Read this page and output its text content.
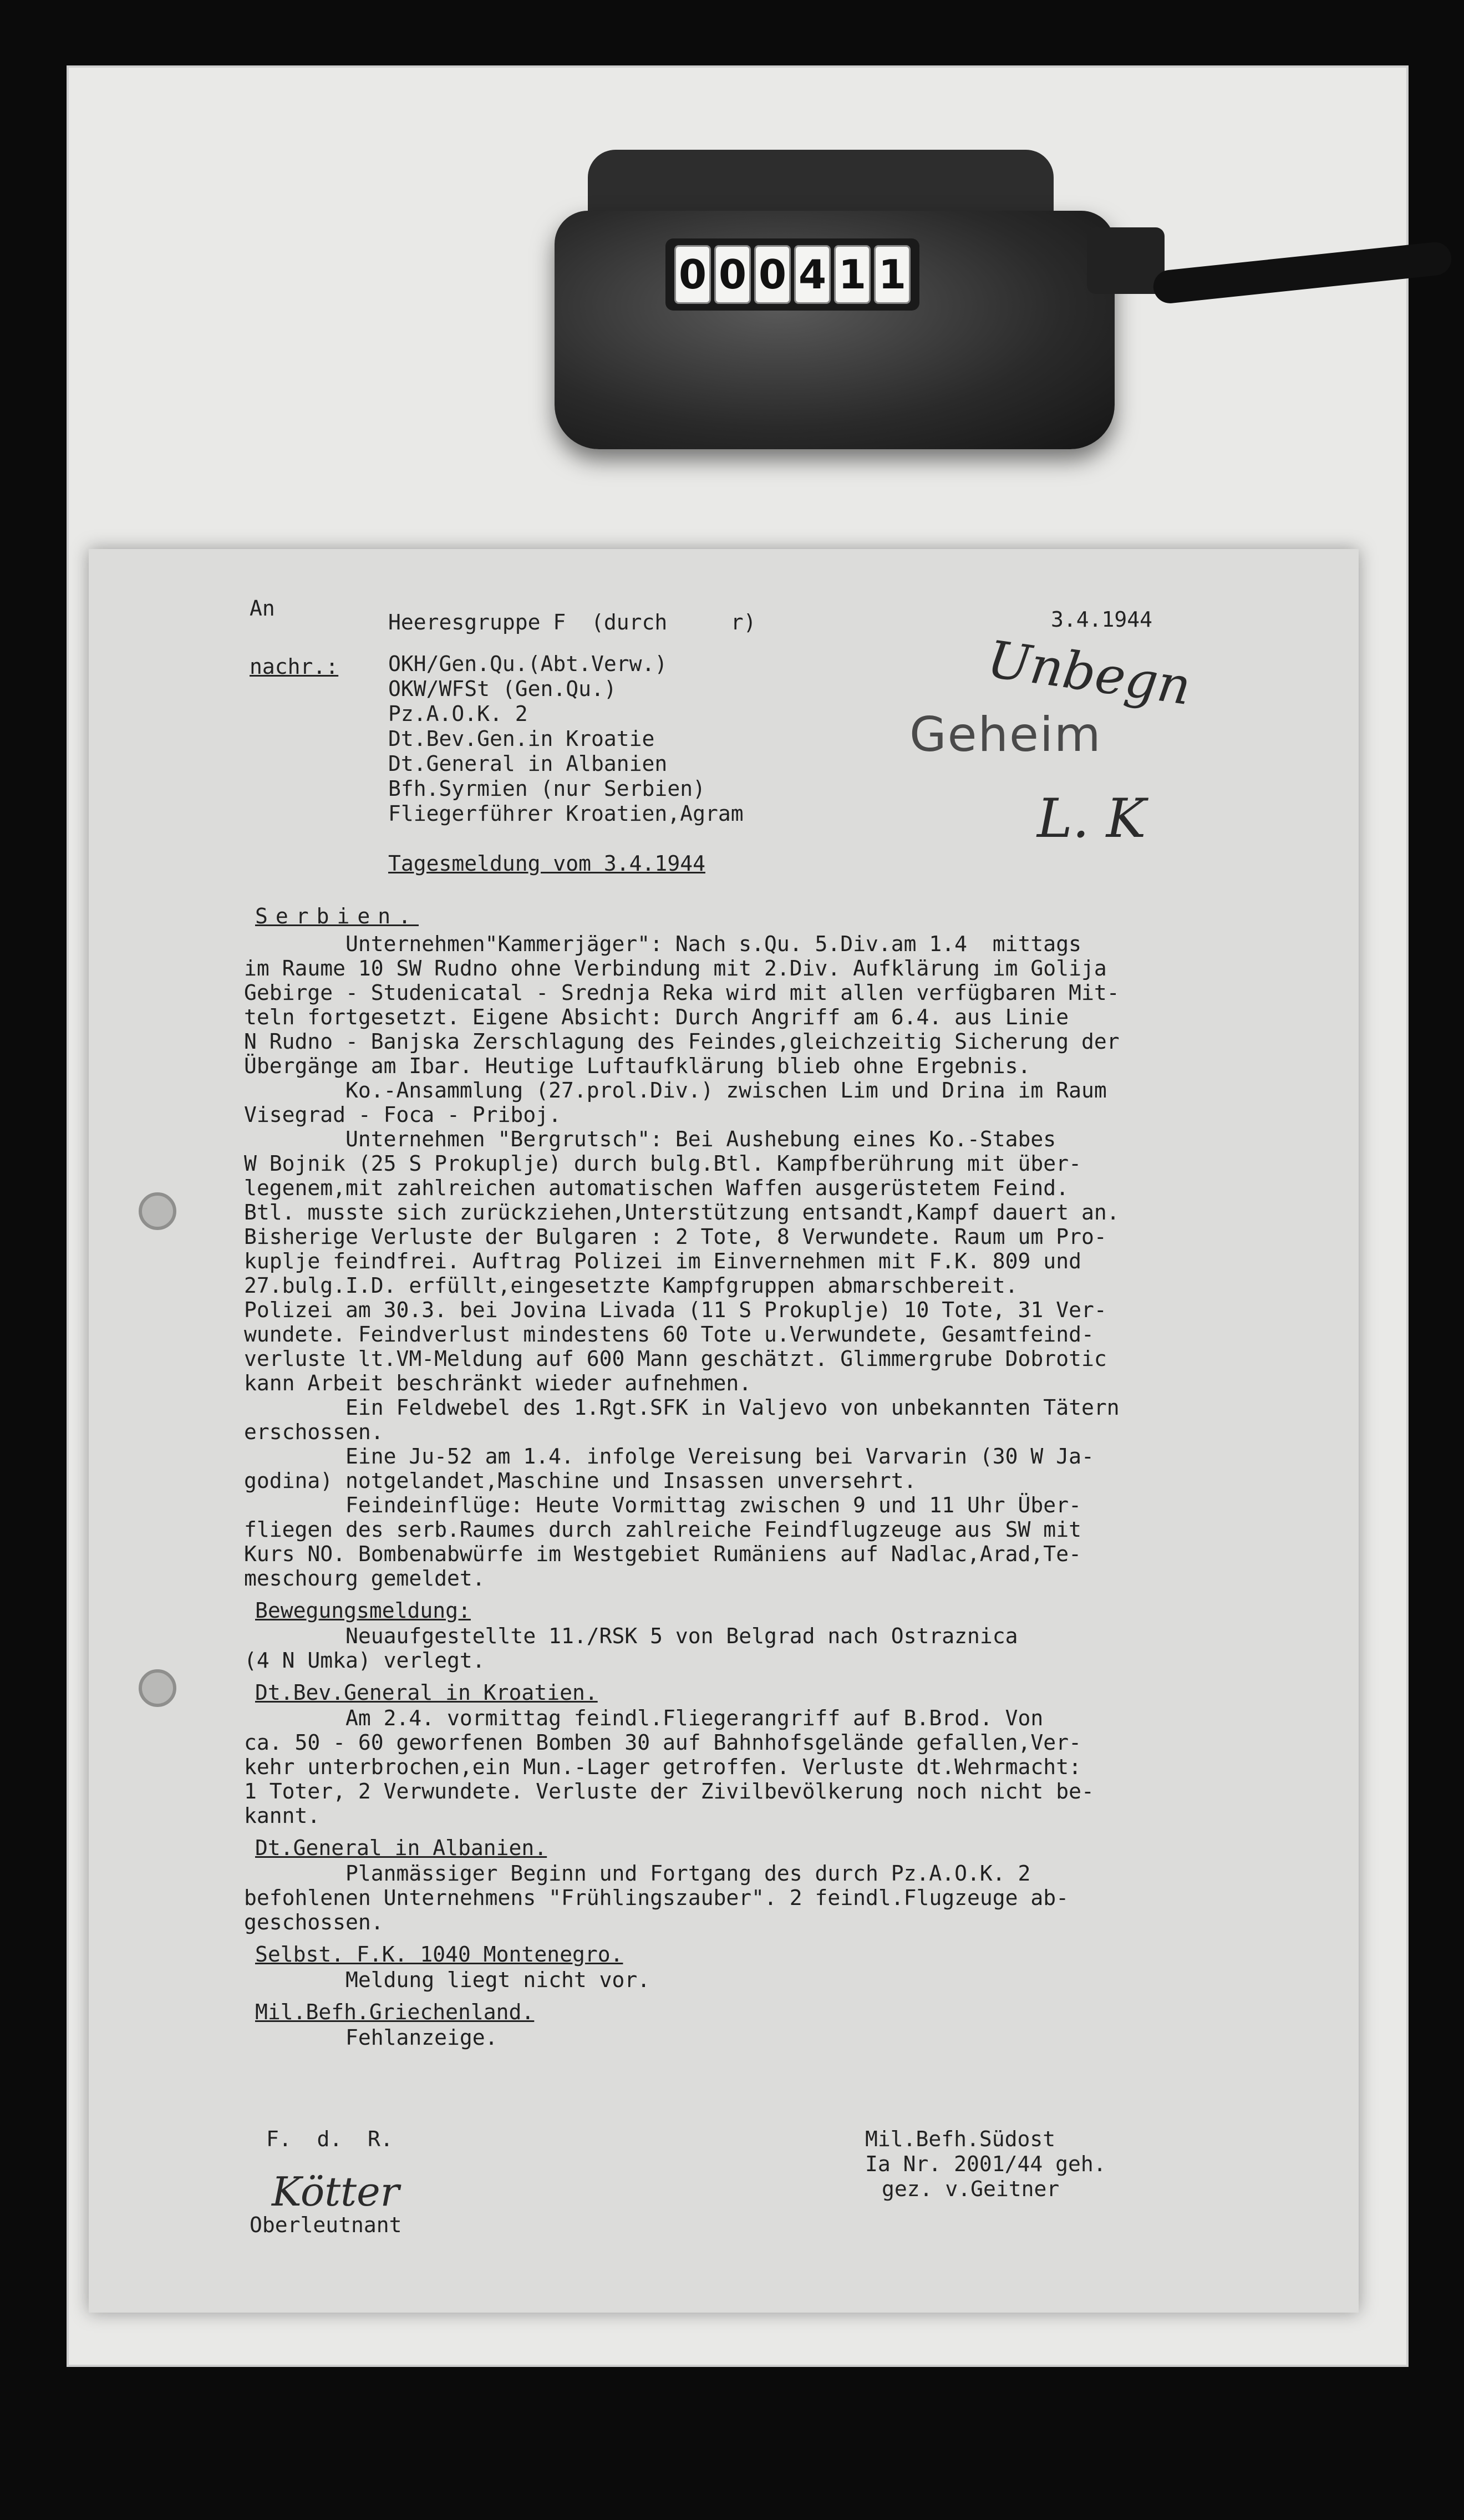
0 0 0 4 1 1
An
Heeresgruppe F  (durch     r)	3.4.1944
nachr.: OKH/Gen.Qu.(Abt.Verw.)
OKW/WFSt (Gen.Qu.)
Pz.A.O.K. 2
Dt.Bev.Gen.in Kroatie
Dt.General in Albanien
Bfh.Syrmien (nur Serbien)
Fliegerführer Kroatien,Agram
Geheim
Unbegn
L. K
Tagesmeldung vom 3.4.1944
Serbien.
Unternehmen"Kammerjäger": Nach s.Qu. 5.Div.am 1.4  mittags
im Raume 10 SW Rudno ohne Verbindung mit 2.Div. Aufklärung im Golija
Gebirge - Studenicatal - Srednja Reka wird mit allen verfügbaren Mit-
teln fortgesetzt. Eigene Absicht: Durch Angriff am 6.4. aus Linie
N Rudno - Banjska Zerschlagung des Feindes,gleichzeitig Sicherung der
Übergänge am Ibar. Heutige Luftaufklärung blieb ohne Ergebnis.
Ko.-Ansammlung (27.prol.Div.) zwischen Lim und Drina im Raum
Visegrad - Foca - Priboj.
Unternehmen "Bergrutsch": Bei Aushebung eines Ko.-Stabes
W Bojnik (25 S Prokuplje) durch bulg.Btl. Kampfberührung mit über-
legenem,mit zahlreichen automatischen Waffen ausgerüstetem Feind.
Btl. musste sich zurückziehen,Unterstützung entsandt,Kampf dauert an.
Bisherige Verluste der Bulgaren : 2 Tote, 8 Verwundete. Raum um Pro-
kuplje feindfrei. Auftrag Polizei im Einvernehmen mit F.K. 809 und
27.bulg.I.D. erfüllt,eingesetzte Kampfgruppen abmarschbereit.
Polizei am 30.3. bei Jovina Livada (11 S Prokuplje) 10 Tote, 31 Ver-
wundete. Feindverlust mindestens 60 Tote u.Verwundete, Gesamtfeind-
verluste lt.VM-Meldung auf 600 Mann geschätzt. Glimmergrube Dobrotic
kann Arbeit beschränkt wieder aufnehmen.
Ein Feldwebel des 1.Rgt.SFK in Valjevo von unbekannten Tätern
erschossen.
Eine Ju-52 am 1.4. infolge Vereisung bei Varvarin (30 W Ja-
godina) notgelandet,Maschine und Insassen unversehrt.
Feindeinflüge: Heute Vormittag zwischen 9 und 11 Uhr Über-
fliegen des serb.Raumes durch zahlreiche Feindflugzeuge aus SW mit
Kurs NO. Bombenabwürfe im Westgebiet Rumäniens auf Nadlac,Arad,Te-
meschourg gemeldet.
Bewegungsmeldung:
Neuaufgestellte 11./RSK 5 von Belgrad nach Ostraznica
(4 N Umka) verlegt.
Dt.Bev.General in Kroatien.
Am 2.4. vormittag feindl.Fliegerangriff auf B.Brod. Von
ca. 50 - 60 geworfenen Bomben 30 auf Bahnhofsgelände gefallen,Ver-
kehr unterbrochen,ein Mun.-Lager getroffen. Verluste dt.Wehrmacht:
1 Toter, 2 Verwundete. Verluste der Zivilbevölkerung noch nicht be-
kannt.
Dt.General in Albanien.
Planmässiger Beginn und Fortgang des durch Pz.A.O.K. 2
befohlenen Unternehmens "Frühlingszauber". 2 feindl.Flugzeuge ab-
geschossen.
Selbst. F.K. 1040 Montenegro.
Meldung liegt nicht vor.
Mil.Befh.Griechenland.
Fehlanzeige.
F.  d.  R.
Kötter
Oberleutnant
Mil.Befh.Südost
Ia Nr. 2001/44 geh.
gez. v.Geitner
